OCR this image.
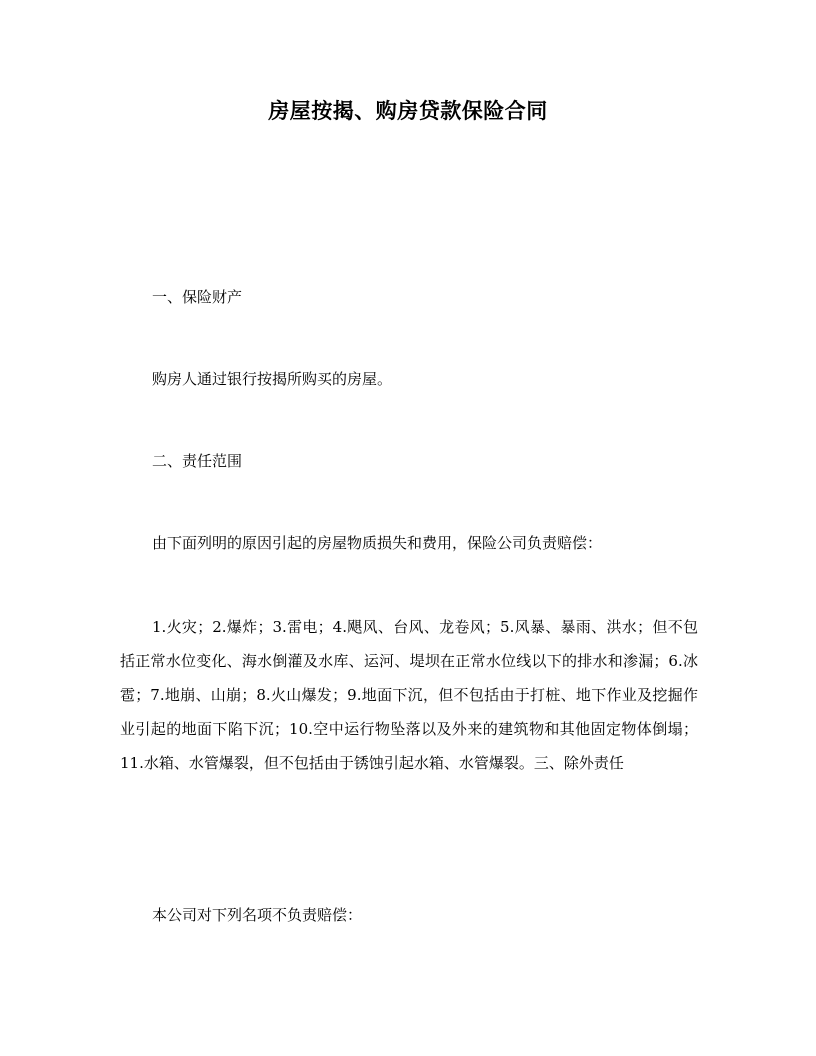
房屋按揭、购房贷款保险合同
一、保险财产
购房人通过银行按揭所购买的房屋。
二、责任范围
由下面列明的原因引起的房屋物质损失和费用，保险公司负责赔偿：
1.火灾；2.爆炸；3.雷电；4.飓风、台风、龙卷风；5.风暴、暴雨、洪水；但不包括正常水位变化、海水倒灌及水库、运河、堤坝在正常水位线以下的排水和渗漏；6.冰雹；7.地崩、山崩；8.火山爆发；9.地面下沉，但不包括由于打桩、地下作业及挖掘作业引起的地面下陷下沉；10.空中运行物坠落以及外来的建筑物和其他固定物体倒塌； 11.水箱、水管爆裂，但不包括由于锈蚀引起水箱、水管爆裂。三、除外责任
本公司对下列名项不负责赔偿：
